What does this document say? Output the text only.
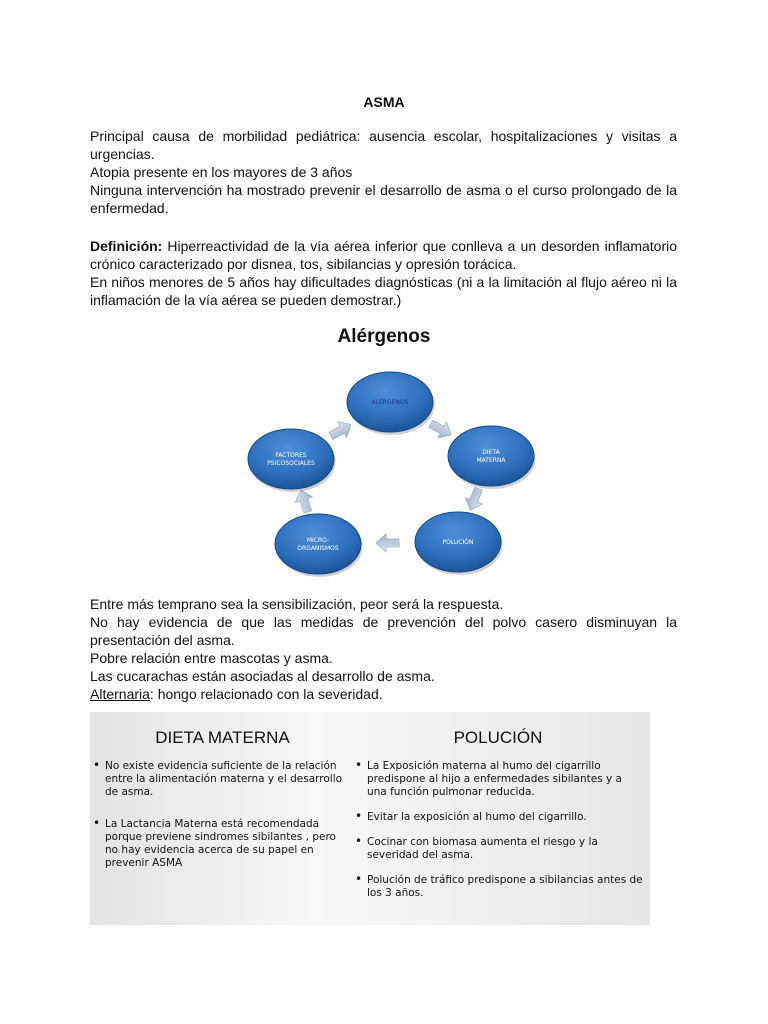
ASMA

Principal causa de morbilidad pediátrica: ausencia escolar, hospitalizaciones y visitas a urgencias.

Atopia presente en los mayores de 3 años

Ninguna intervención ha mostrado prevenir el desarrollo de asma o el curso prolongado de la enfermedad.

Definición: Hiperreactividad de la vía aérea inferior que conlleva a un desorden inflamatorio crónico caracterizado por disnea, tos, sibilancias y opresión torácica.

En niños menores de 5 años hay dificultades diagnósticas (ni a la limitación al flujo aéreo ni la inflamación de la vía aérea se pueden demostrar.)

Alérgenos
ALERGENOS
DIETA
MATERNA
POLUCIÓN
MICRO-
ORGANISMOS
FACTORES
PSICOSOCIALES

Entre más temprano sea la sensibilización, peor será la respuesta.

No hay evidencia de que las medidas de prevención del polvo casero disminuyan la presentación del asma.

Pobre relación entre mascotas y asma.

Las cucarachas están asociadas al desarrollo de asma.

Alternaria: hongo relacionado con la severidad.

DIETA MATERNA
• No existe evidencia suficiente de la relación entre la alimentación materna y el desarrollo de asma.
• La Lactancia Materna está recomendada porque previene sindromes sibilantes , pero no hay evidencia acerca de su papel en prevenir ASMA
POLUCIÓN
• La Exposición materna al humo del cigarrillo predispone al hijo a enfermedades sibilantes y a una función pulmonar reducida.
• Evitar la exposición al humo del cigarrillo.
• Cocinar con biomasa aumenta el riesgo y la severidad del asma.
• Polución de tráfico predispone a sibilancias antes de los 3 años.
